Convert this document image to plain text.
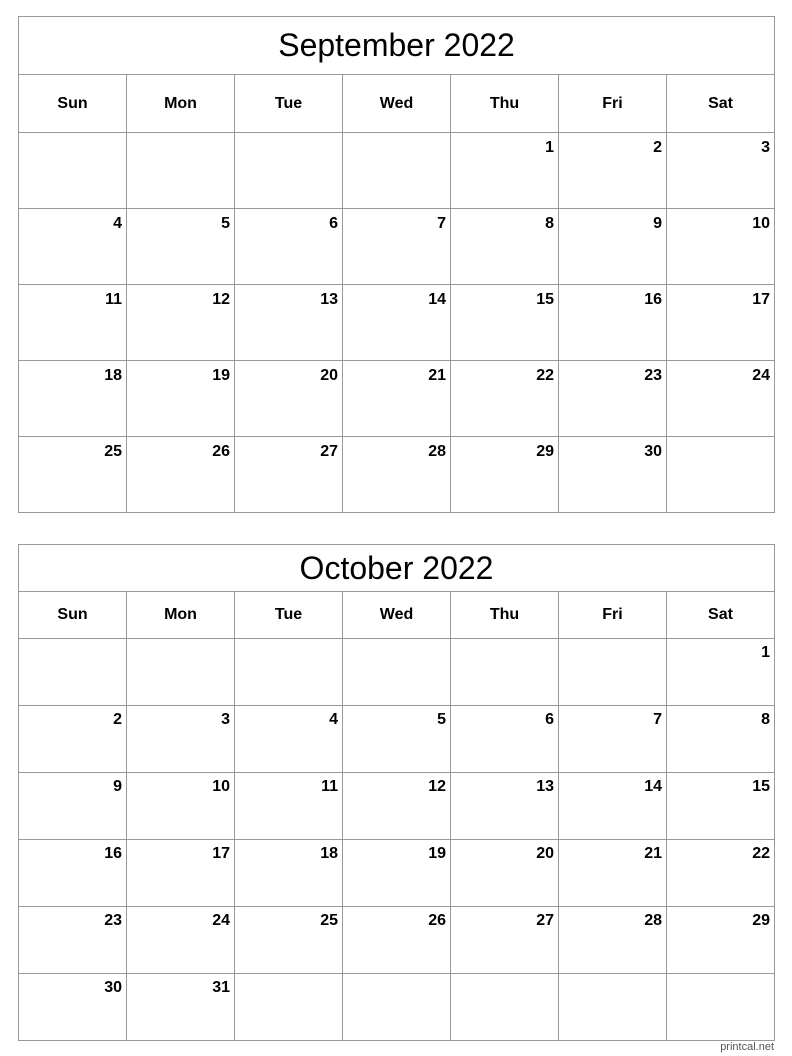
September 2022						
Sun	Mon	Tue	Wed	Thu	Fri	Sat
				1	2	3
4	5	6	7	8	9	10
11	12	13	14	15	16	17
18	19	20	21	22	23	24
25	26	27	28	29	30	
October 2022						
Sun	Mon	Tue	Wed	Thu	Fri	Sat
						1
2	3	4	5	6	7	8
9	10	11	12	13	14	15
16	17	18	19	20	21	22
23	24	25	26	27	28	29
30	31					
printcal.net
